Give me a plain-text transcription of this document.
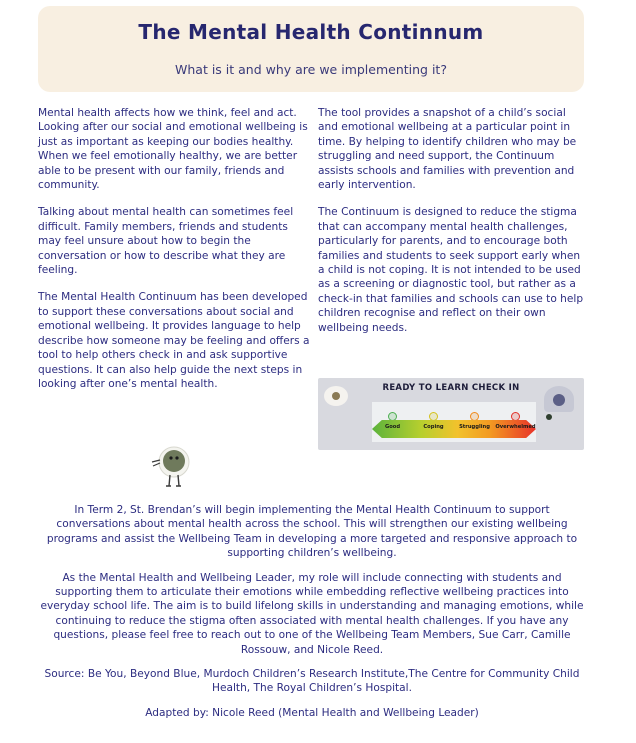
The Mental Health Continnum
What is it and why are we implementing it?

Mental health affects how we think, feel and act. Looking after our social and emotional wellbeing is just as important as keeping our bodies healthy. When we feel emotionally healthy, we are better able to be present with our family, friends and community.

Talking about mental health can sometimes feel difficult. Family members, friends and students may feel unsure about how to begin the conversation or how to describe what they are feeling.

The Mental Health Continuum has been developed to support these conversations about social and emotional wellbeing. It provides language to help describe how someone may be feeling and offers a tool to help others check in and ask supportive questions. It can also help guide the next steps in looking after one’s mental health.

The tool provides a snapshot of a child’s social and emotional wellbeing at a particular point in time. By helping to identify children who may be struggling and need support, the Continuum assists schools and families with prevention and early intervention.

The Continuum is designed to reduce the stigma that can accompany mental health challenges, particularly for parents, and to encourage both families and students to seek support early when a child is not coping. It is not intended to be used as a screening or diagnostic tool, but rather as a check-in that families and schools can use to help children recognise and reflect on their own wellbeing needs.

READY TO LEARN CHECK IN
Good	Coping	Struggling	Overwhelmed

In Term 2, St. Brendan’s will begin implementing the Mental Health Continuum to support conversations about mental health across the school. This will strengthen our existing wellbeing programs and assist the Wellbeing Team in developing a more targeted and responsive approach to supporting children’s wellbeing.

As the Mental Health and Wellbeing Leader, my role will include connecting with students and supporting them to articulate their emotions while embedding reflective wellbeing practices into everyday school life. The aim is to build lifelong skills in understanding and managing emotions, while continuing to reduce the stigma often associated with mental health challenges. If you have any questions, please feel free to reach out to one of the Wellbeing Team Members, Sue Carr, Camille Rossouw, and Nicole Reed.

Source: Be You, Beyond Blue, Murdoch Children’s Research Institute,The Centre for Community Child Health, The Royal Children’s Hospital.

Adapted by: Nicole Reed (Mental Health and Wellbeing Leader)
